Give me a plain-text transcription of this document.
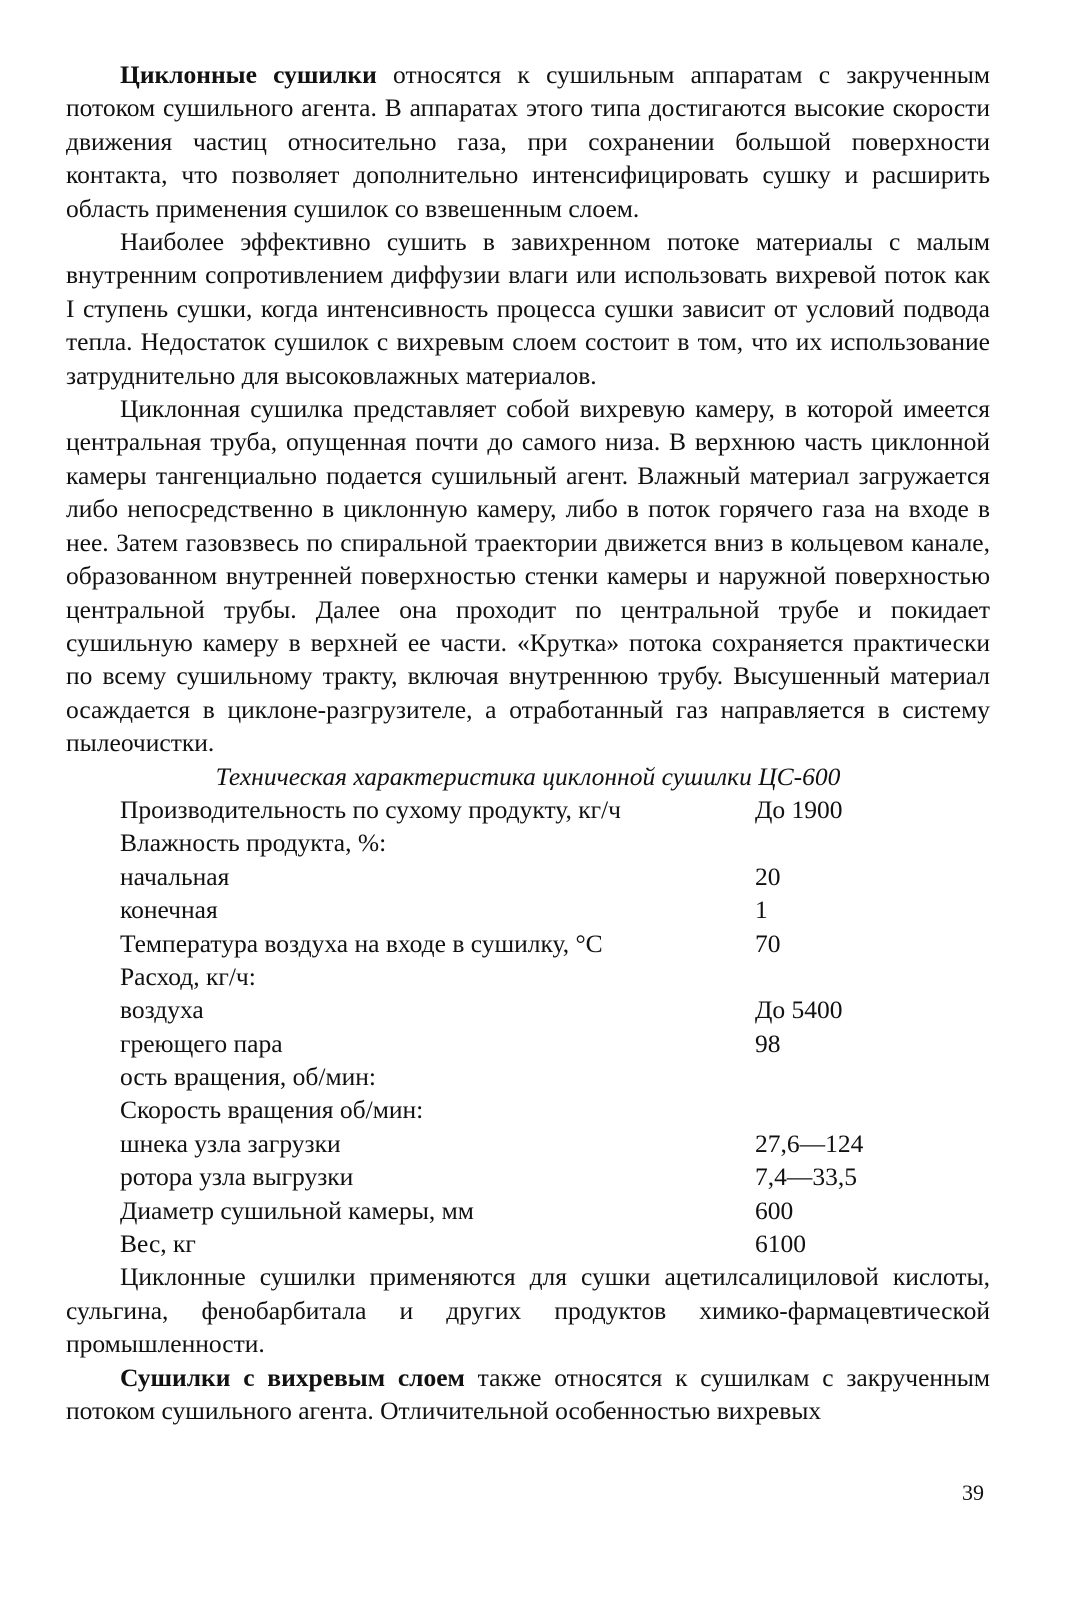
Циклонные сушилки относятся к сушильным аппаратам с закрученным потоком сушильного агента. В аппаратах этого типа достигаются высокие скорости движения частиц относительно газа, при сохранении большой поверхности контакта, что позволяет дополнительно интенсифицировать сушку и расширить область применения сушилок со взвешенным слоем.

Наиболее эффективно сушить в завихренном потоке материалы с малым внутренним сопротивлением диффузии влаги или использовать вихревой поток как I ступень сушки, когда интенсивность процесса сушки зависит от условий подвода тепла. Недостаток сушилок с вихревым слоем состоит в том, что их использование затруднительно для высоковлажных материалов.

Циклонная сушилка представляет собой вихревую камеру, в которой имеется центральная труба, опущенная почти до самого низа. В верхнюю часть циклонной камеры тангенциально подается сушильный агент. Влажный материал загружается либо непосредственно в циклонную камеру, либо в поток горячего газа на входе в нее. Затем газовзвесь по спиральной траектории движется вниз в кольцевом канале, образованном внутренней поверхностью стенки камеры и наружной поверхностью центральной трубы. Далее она проходит по центральной трубе и покидает сушильную камеру в верхней ее части. «Крутка» потока сохраняется практически по всему сушильному тракту, включая внутреннюю трубу. Высушенный материал осаждается в циклоне-разгрузителе, а отработанный газ направляется в систему пылеочистки.

Техническая характеристика циклонной сушилки ЦС-600

Производительность по сухому продукту, кг/ч	До 1900
Влажность продукта, %:
начальная	20
конечная	1
Температура воздуха на входе в сушилку, °С	70
Расход, кг/ч:
воздуха	До 5400
греющего пара	98
ость вращения, об/мин:
Скорость вращения об/мин:
шнека узла загрузки	27,6—124
ротора узла выгрузки	7,4—33,5
Диаметр сушильной камеры, мм	600
Вес, кг	6100

Циклонные сушилки применяются для сушки ацетилсалициловой кислоты, сульгина, фенобарбитала и других продуктов химико-фармацевтической промышленности.

Сушилки с вихревым слоем также относятся к сушилкам с закрученным потоком сушильного агента. Отличительной особенностью вихревых

39
